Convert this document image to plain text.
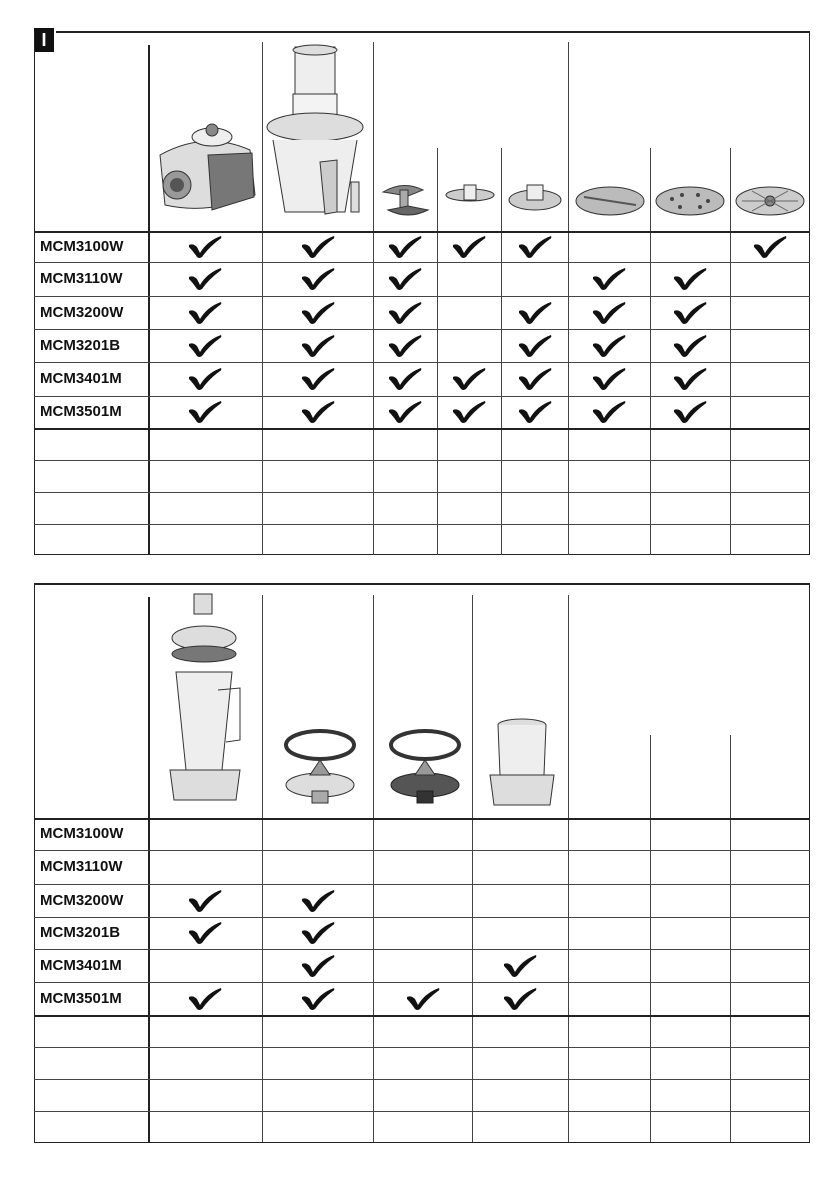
I
MCM3100W
MCM3110W
MCM3200W
MCM3201B
MCM3401M
MCM3501M
MCM3100W
MCM3110W
MCM3200W
MCM3201B
MCM3401M
MCM3501M
